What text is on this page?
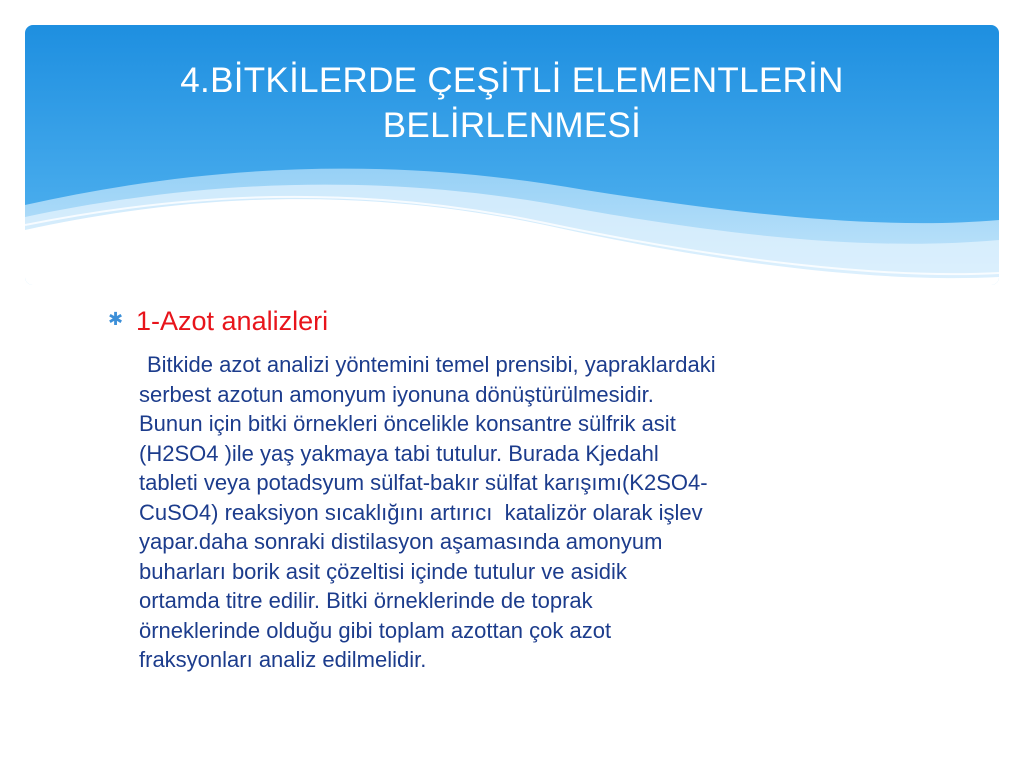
4.BİTKİLERDE ÇEŞİTLİ ELEMENTLERİN
BELİRLENMESİ
✱ 1-Azot analizleri
Bitkide azot analizi yöntemini temel prensibi, yapraklardaki
serbest azotun amonyum iyonuna dönüştürülmesidir.
Bunun için bitki örnekleri öncelikle konsantre sülfrik asit
(H2SO4 )ile yaş yakmaya tabi tutulur. Burada Kjedahl
tableti veya potadsyum sülfat-bakır sülfat karışımı(K2SO4-
CuSO4) reaksiyon sıcaklığını artırıcı  katalizör olarak işlev
yapar.daha sonraki distilasyon aşamasında amonyum
buharları borik asit çözeltisi içinde tutulur ve asidik
ortamda titre edilir. Bitki örneklerinde de toprak
örneklerinde olduğu gibi toplam azottan çok azot
fraksyonları analiz edilmelidir.
